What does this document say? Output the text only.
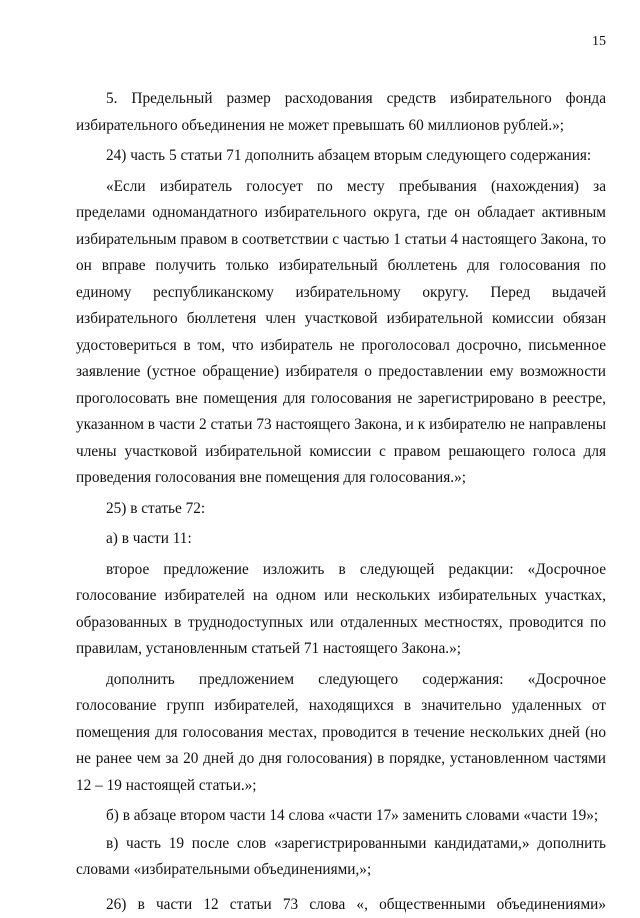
15

5. Предельный размер расходования средств избирательного фонда избирательного объединения не может превышать 60 миллионов рублей.»;

24) часть 5 статьи 71 дополнить абзацем вторым следующего содержания:

«Если избиратель голосует по месту пребывания (нахождения) за пределами одномандатного избирательного округа, где он обладает активным избирательным правом в соответствии с частью 1 статьи 4 настоящего Закона, то он вправе получить только избирательный бюллетень для голосования по единому республиканскому избирательному округу. Перед выдачей избирательного бюллетеня член участковой избирательной комиссии обязан удостовериться в том, что избиратель не проголосовал досрочно, письменное заявление (устное обращение) избирателя о предоставлении ему возможности проголосовать вне помещения для голосования не зарегистрировано в реестре, указанном в части 2 статьи 73 настоящего Закона, и к избирателю не направлены члены участковой избирательной комиссии с правом решающего голоса для проведения голосования вне помещения для голосования.»;

25) в статье 72:

а) в части 11:

второе предложение изложить в следующей редакции: «Досрочное голосование избирателей на одном или нескольких избирательных участках, образованных в труднодоступных или отдаленных местностях, проводится по правилам, установленным статьей 71 настоящего Закона.»;

дополнить предложением следующего содержания: «Досрочное голосование групп избирателей, находящихся в значительно удаленных от помещения для голосования местах, проводится в течение нескольких дней (но не ранее чем за 20 дней до дня голосования) в порядке, установленном частями 12 – 19 настоящей статьи.»;

б) в абзаце втором части 14 слова «части 17» заменить словами «части 19»;

в) часть 19 после слов «зарегистрированными кандидатами,» дополнить словами «избирательными объединениями,»;

26) в части 12 статьи 73 слова «, общественными объединениями»
